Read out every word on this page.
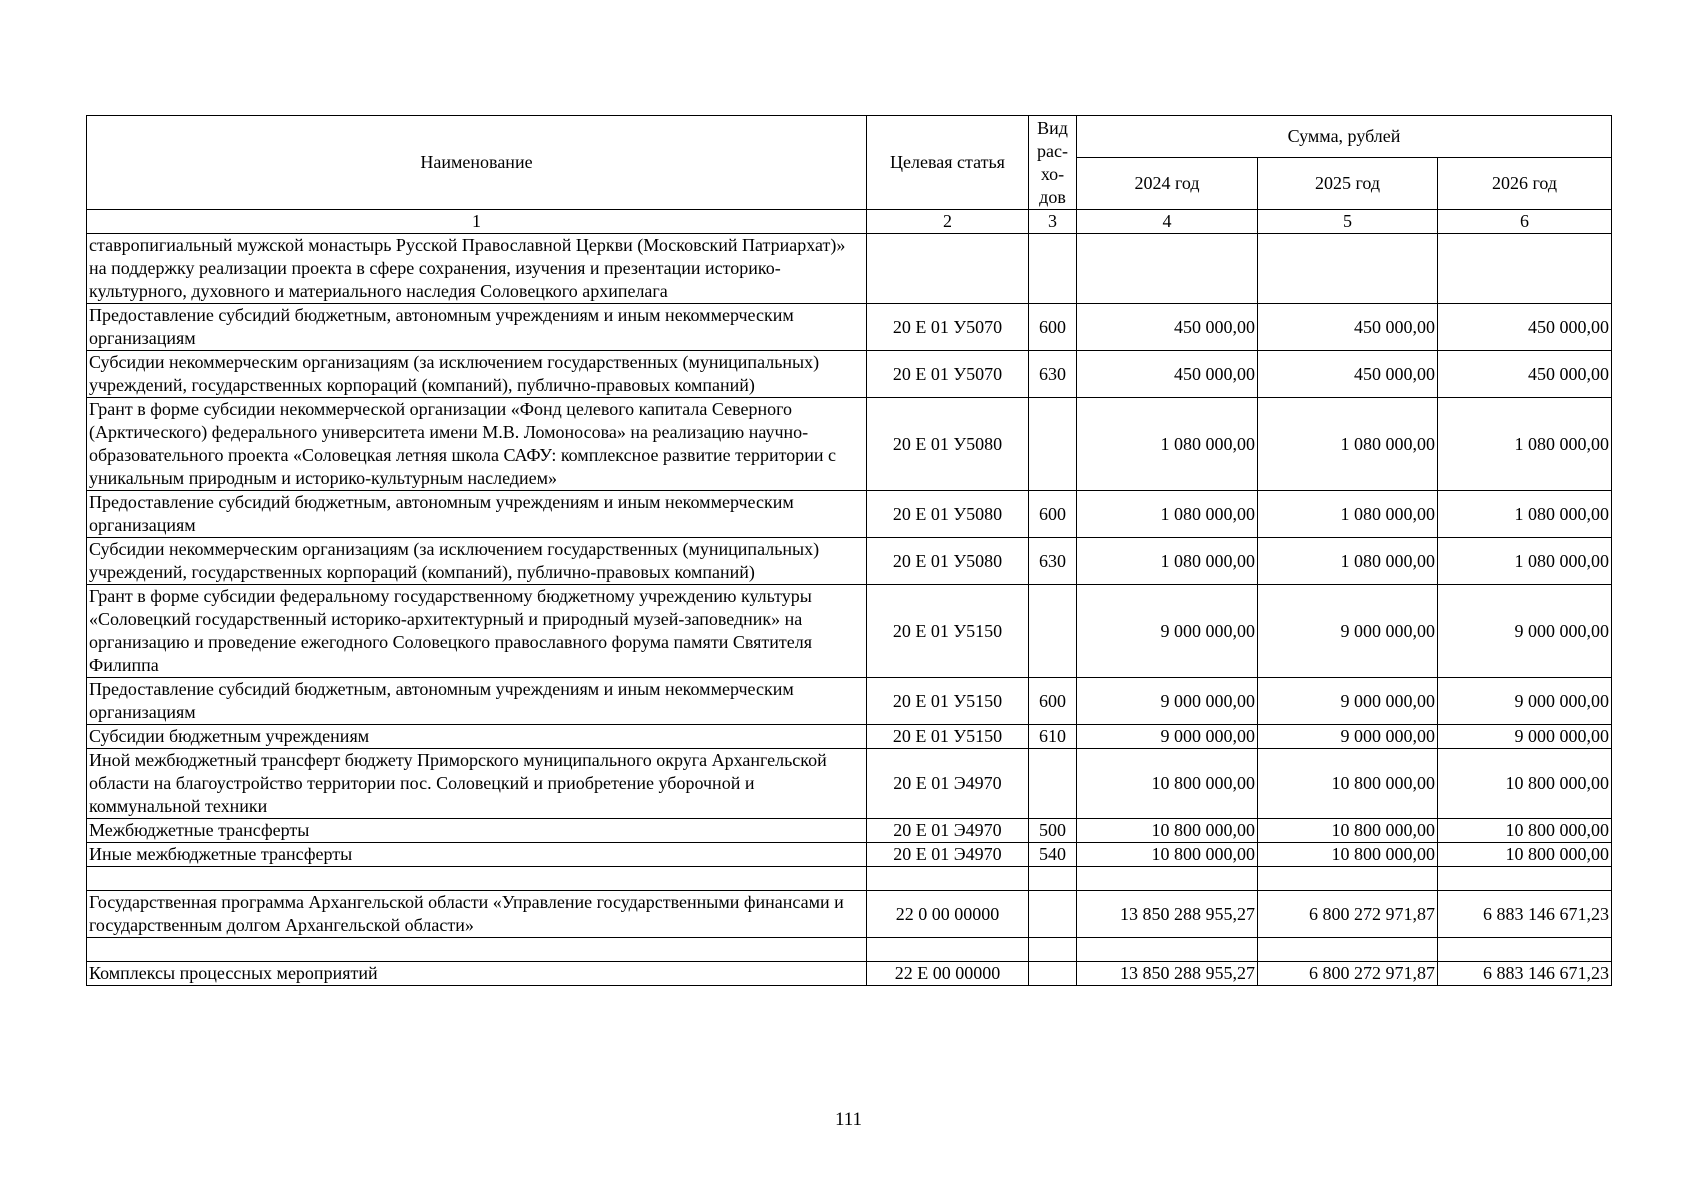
Наименование	Целевая статья	Вид рас-хо-дов	Сумма, рублей		
			2024 год	2025 год	2026 год
1	2	3	4	5	6
ставропигиальный мужской монастырь Русской Православной Церкви (Московский Патриархат)» на поддержку реализации проекта в сфере сохранения, изучения и презентации историко-культурного, духовного и материального наследия Соловецкого архипелага					
Предоставление субсидий бюджетным, автономным учреждениям и иным некоммерческим организациям	20 Е 01 У5070	600	450 000,00	450 000,00	450 000,00
Субсидии некоммерческим организациям (за исключением государственных (муниципальных) учреждений, государственных корпораций (компаний), публично-правовых компаний)	20 Е 01 У5070	630	450 000,00	450 000,00	450 000,00
Грант в форме субсидии некоммерческой организации «Фонд целевого капитала Северного (Арктического) федерального университета имени М.В. Ломоносова» на реализацию научно-образовательного проекта «Соловецкая летняя школа САФУ: комплексное развитие территории с уникальным природным и историко-культурным наследием»	20 Е 01 У5080		1 080 000,00	1 080 000,00	1 080 000,00
Предоставление субсидий бюджетным, автономным учреждениям и иным некоммерческим организациям	20 Е 01 У5080	600	1 080 000,00	1 080 000,00	1 080 000,00
Субсидии некоммерческим организациям (за исключением государственных (муниципальных) учреждений, государственных корпораций (компаний), публично-правовых компаний)	20 Е 01 У5080	630	1 080 000,00	1 080 000,00	1 080 000,00
Грант в форме субсидии федеральному государственному бюджетному учреждению культуры «Соловецкий государственный историко-архитектурный и природный музей-заповедник» на организацию и проведение ежегодного Соловецкого православного форума памяти Святителя Филиппа	20 Е 01 У5150		9 000 000,00	9 000 000,00	9 000 000,00
Предоставление субсидий бюджетным, автономным учреждениям и иным некоммерческим организациям	20 Е 01 У5150	600	9 000 000,00	9 000 000,00	9 000 000,00
Субсидии бюджетным учреждениям	20 Е 01 У5150	610	9 000 000,00	9 000 000,00	9 000 000,00
Иной межбюджетный трансферт бюджету Приморского муниципального округа Архангельской области на благоустройство территории пос. Соловецкий и приобретение уборочной и коммунальной техники	20 Е 01 Э4970		10 800 000,00	10 800 000,00	10 800 000,00
Межбюджетные трансферты	20 Е 01 Э4970	500	10 800 000,00	10 800 000,00	10 800 000,00
Иные межбюджетные трансферты	20 Е 01 Э4970	540	10 800 000,00	10 800 000,00	10 800 000,00

Государственная программа Архангельской области «Управление государственными финансами и государственным долгом Архангельской области»	22 0 00 00000		13 850 288 955,27	6 800 272 971,87	6 883 146 671,23

Комплексы процессных мероприятий	22 Е 00 00000		13 850 288 955,27	6 800 272 971,87	6 883 146 671,23
111
